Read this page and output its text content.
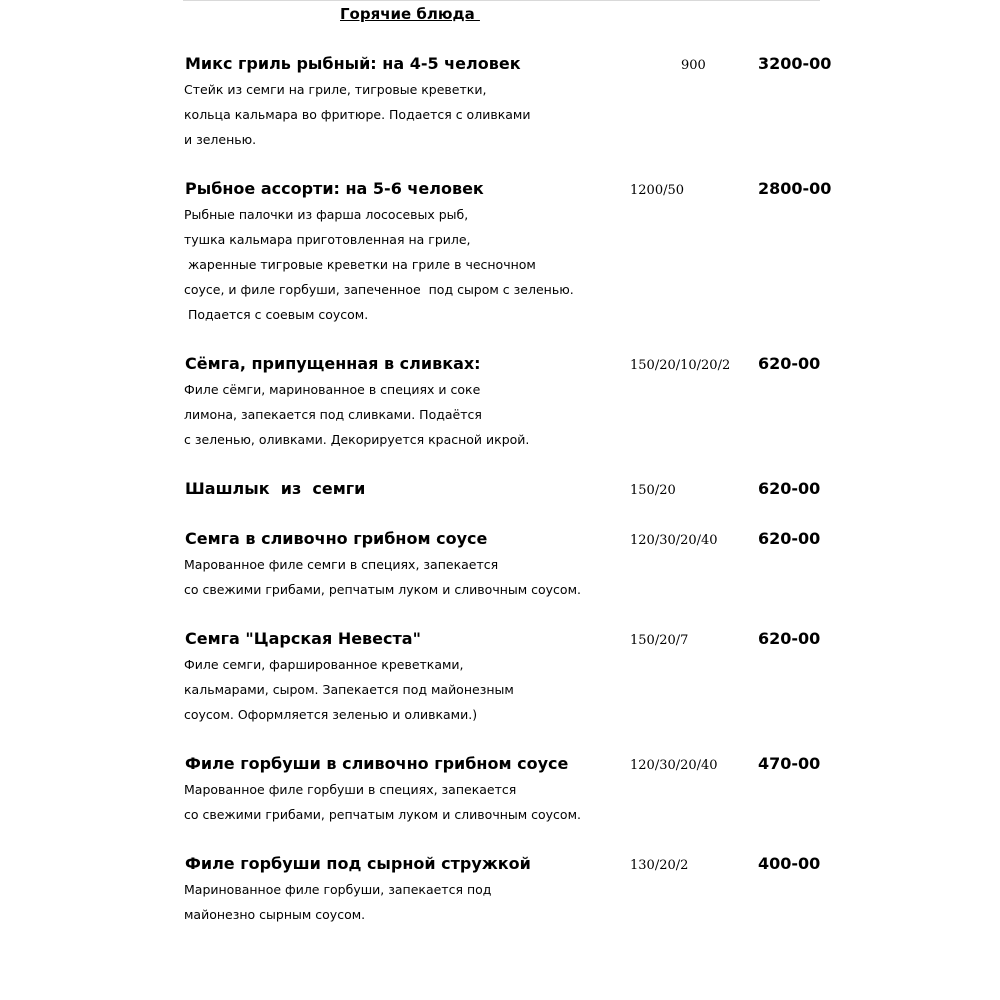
Горячие блюда
Микс гриль рыбный: на 4-5 человек	900	3200-00
Стейк из семги на гриле, тигровые креветки,
кольца кальмара во фритюре. Подается с оливками
и зеленью.
Рыбное ассорти: на 5-6 человек	1200/50	2800-00
Рыбные палочки из фарша лососевых рыб,
тушка кальмара приготовленная на гриле,
жаренные тигровые креветки на гриле в чесночном
соусе, и филе горбуши, запеченное  под сыром с зеленью.
Подается с соевым соусом.
Сёмга, припущенная в сливках:	150/20/10/20/2 620-00
Филе сёмги, маринованное в специях и соке
лимона, запекается под сливками. Подаётся
с зеленью, оливками. Декорируется красной икрой.
Шашлык  из  семги	150/20	620-00
Семга в сливочно грибном соусе	120/30/20/40	620-00
Марованное филе семги в специях, запекается
со свежими грибами, репчатым луком и сливочным соусом.
Семга "Царская Невеста"	150/20/7	620-00
Филе семги, фаршированное креветками,
кальмарами, сыром. Запекается под майонезным
соусом. Оформляется зеленью и оливками.)
Филе горбуши в сливочно грибном соусе	120/30/20/40	470-00
Марованное филе горбуши в специях, запекается
со свежими грибами, репчатым луком и сливочным соусом.
Филе горбуши под сырной стружкой	130/20/2	400-00
Маринованное филе горбуши, запекается под
майонезно сырным соусом.
